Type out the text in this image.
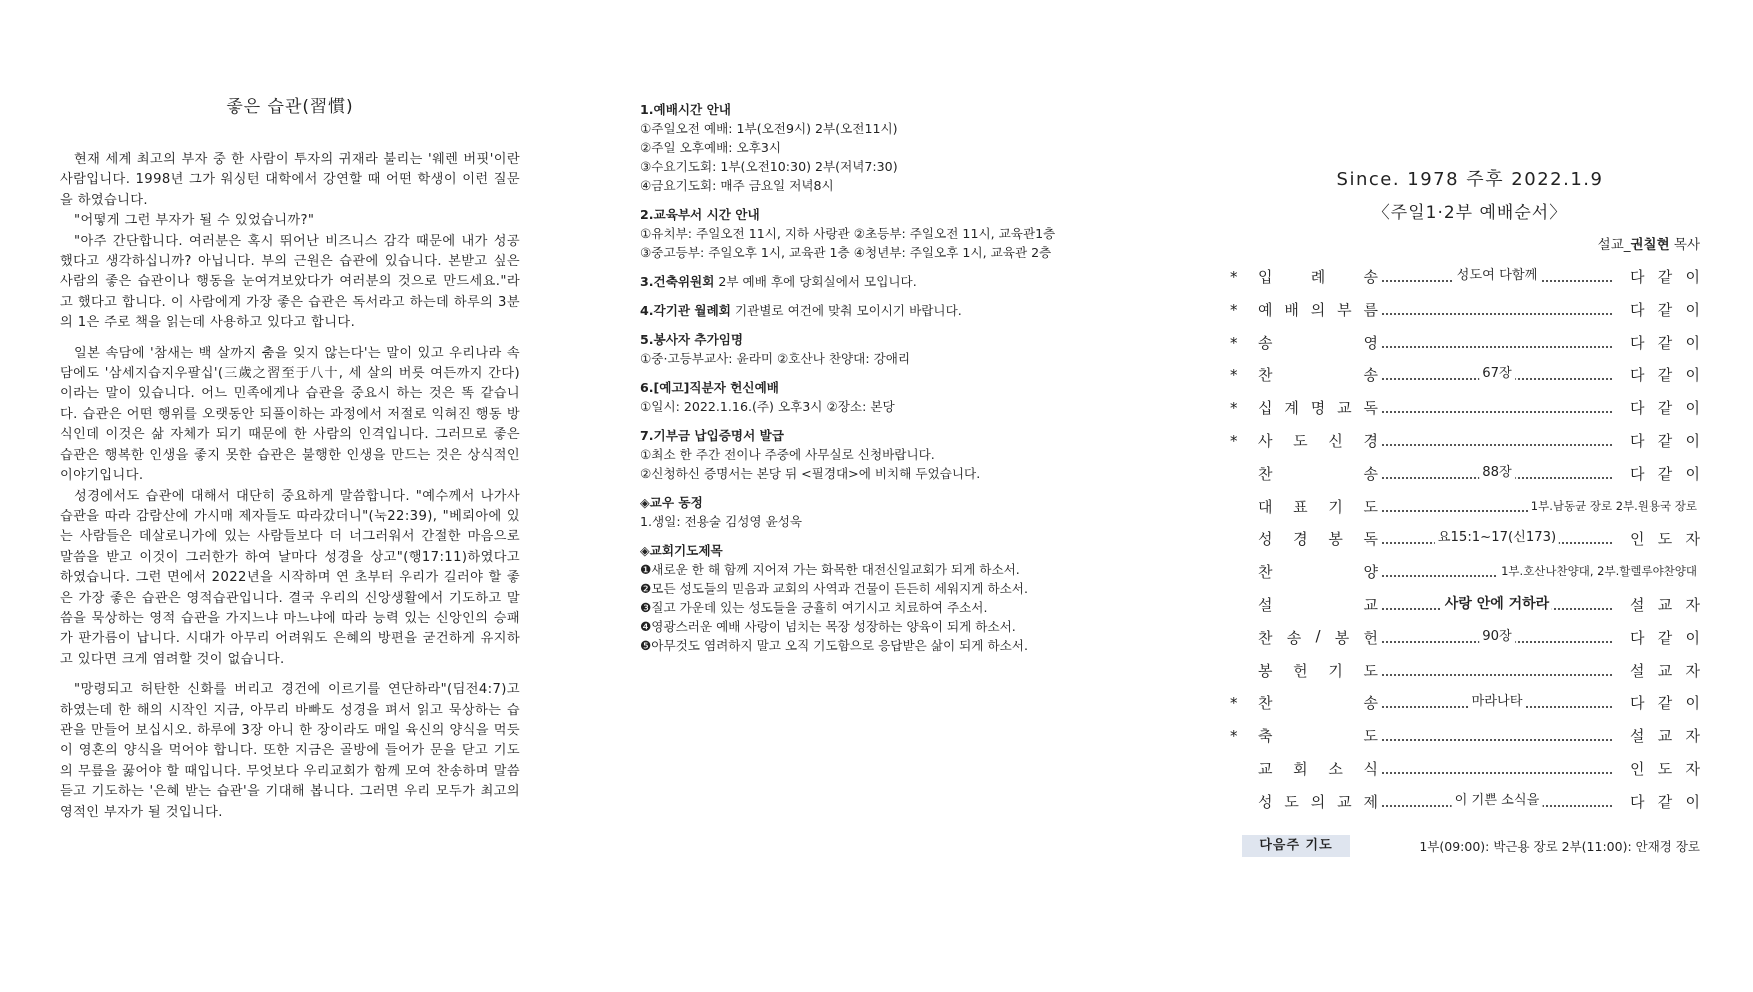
좋은 습관(習慣)

현재 세계 최고의 부자 중 한 사람이 투자의 귀재라 불리는 '웨렌 버핏'이란 사람입니다. 1998년 그가 워싱턴 대학에서 강연할 때 어떤 학생이 이런 질문을 하였습니다.

"어떻게 그런 부자가 될 수 있었습니까?"

"아주 간단합니다. 여러분은 혹시 뛰어난 비즈니스 감각 때문에 내가 성공했다고 생각하십니까? 아닙니다. 부의 근원은 습관에 있습니다. 본받고 싶은 사람의 좋은 습관이나 행동을 눈여겨보았다가 여러분의 것으로 만드세요."라고 했다고 합니다. 이 사람에게 가장 좋은 습관은 독서라고 하는데 하루의 3분의 1은 주로 책을 읽는데 사용하고 있다고 합니다.

일본 속담에 '참새는 백 살까지 춤을 잊지 않는다'는 말이 있고 우리나라 속담에도 '삼세지습지우팔십'(三歲之習至于八十, 세 살의 버릇 여든까지 간다)이라는 말이 있습니다. 어느 민족에게나 습관을 중요시 하는 것은 똑 같습니다. 습관은 어떤 행위를 오랫동안 되풀이하는 과정에서 저절로 익혀진 행동 방식인데 이것은 삶 자체가 되기 때문에 한 사람의 인격입니다. 그러므로 좋은 습관은 행복한 인생을 좋지 못한 습관은 불행한 인생을 만드는 것은 상식적인 이야기입니다.

성경에서도 습관에 대해서 대단히 중요하게 말씀합니다. "예수께서 나가사 습관을 따라 감람산에 가시매 제자들도 따라갔더니"(눅22:39), "베뢰아에 있는 사람들은 데살로니가에 있는 사람들보다 더 너그러워서 간절한 마음으로 말씀을 받고 이것이 그러한가 하여 날마다 성경을 상고"(행17:11)하였다고 하였습니다. 그런 면에서 2022년을 시작하며 연 초부터 우리가 길러야 할 좋은 가장 좋은 습관은 영적습관입니다. 결국 우리의 신앙생활에서 기도하고 말씀을 묵상하는 영적 습관을 가지느냐 마느냐에 따라 능력 있는 신앙인의 승패가 판가름이 납니다. 시대가 아무리 어려워도 은혜의 방편을 굳건하게 유지하고 있다면 크게 염려할 것이 없습니다.

"망령되고 허탄한 신화를 버리고 경건에 이르기를 연단하라"(딤전4:7)고 하였는데 한 해의 시작인 지금, 아무리 바빠도 성경을 펴서 읽고 묵상하는 습관을 만들어 보십시오. 하루에 3장 아니 한 장이라도 매일 육신의 양식을 먹듯이 영혼의 양식을 먹어야 합니다. 또한 지금은 골방에 들어가 문을 닫고 기도의 무릎을 꿇어야 할 때입니다. 무엇보다 우리교회가 함께 모여 찬송하며 말씀 듣고 기도하는 '은혜 받는 습관'을 기대해 봅니다. 그러면 우리 모두가 최고의 영적인 부자가 될 것입니다.

1.예배시간 안내
①주일오전 예배: 1부(오전9시) 2부(오전11시)
②주일 오후예배: 오후3시
③수요기도회: 1부(오전10:30) 2부(저녁7:30)
④금요기도회: 매주 금요일 저녁8시
2.교육부서 시간 안내
①유치부: 주일오전 11시, 지하 사랑관 ②초등부: 주일오전 11시, 교육관1층
③중고등부: 주일오후 1시, 교육관 1층 ④청년부: 주일오후 1시, 교육관 2층
3.건축위원회 2부 예배 후에 당회실에서 모입니다.
4.각기관 월례회 기관별로 여건에 맞춰 모이시기 바랍니다.
5.봉사자 추가임명
①중·고등부교사: 윤라미 ②호산나 찬양대: 강애리
6.[예고]직분자 헌신예배
①일시: 2022.1.16.(주) 오후3시 ②장소: 본당
7.기부금 납입증명서 발급
①최소 한 주간 전이나 주중에 사무실로 신청바랍니다.
②신청하신 증명서는 본당 뒤 <필경대>에 비치해 두었습니다.
◈교우 동정
1.생일: 전용술 김성영 윤성욱
◈교회기도제목
❶새로운 한 해 함께 지어져 가는 화목한 대전신일교회가 되게 하소서.
❷모든 성도들의 믿음과 교회의 사역과 건물이 든든히 세워지게 하소서.
❸질고 가운데 있는 성도들을 긍휼히 여기시고 치료하여 주소서.
❹영광스러운 예배 사랑이 넘치는 목장 성장하는 양육이 되게 하소서.
❺아무것도 염려하지 말고 오직 기도함으로 응답받은 삶이 되게 하소서.
Since. 1978 주후 2022.1.9
〈주일1·2부 예배순서〉
설교_권칠현 목사
*	입	례	송	성도여 다함께	다 같 이
*	예 배 의 부 름	다 같 이
*	송	영	다 같 이
*	찬	송	67장	다 같 이
*	십 계 명 교 독	다 같 이
*	사 도 신 경	다 같 이
찬	송	88장	다 같 이
대 표 기 도	1부.남동균 장로 2부.원용국 장로
성 경 봉 독	요15:1~17(신173)	인 도 자
찬	양	1부.호산나찬양대, 2부.할렐루야찬양대
설	교	사랑 안에 거하라	설 교 자
찬 송 / 봉 헌	90장	다 같 이
봉 헌 기 도	설 교 자
*	찬	송	마라나타	다 같 이
*	축	도	설 교 자
교 회 소 식	인 도 자
성 도 의 교 제	이 기쁜 소식을	다 같 이
다음주 기도	1부(09:00): 박근용 장로 2부(11:00): 안재경 장로
